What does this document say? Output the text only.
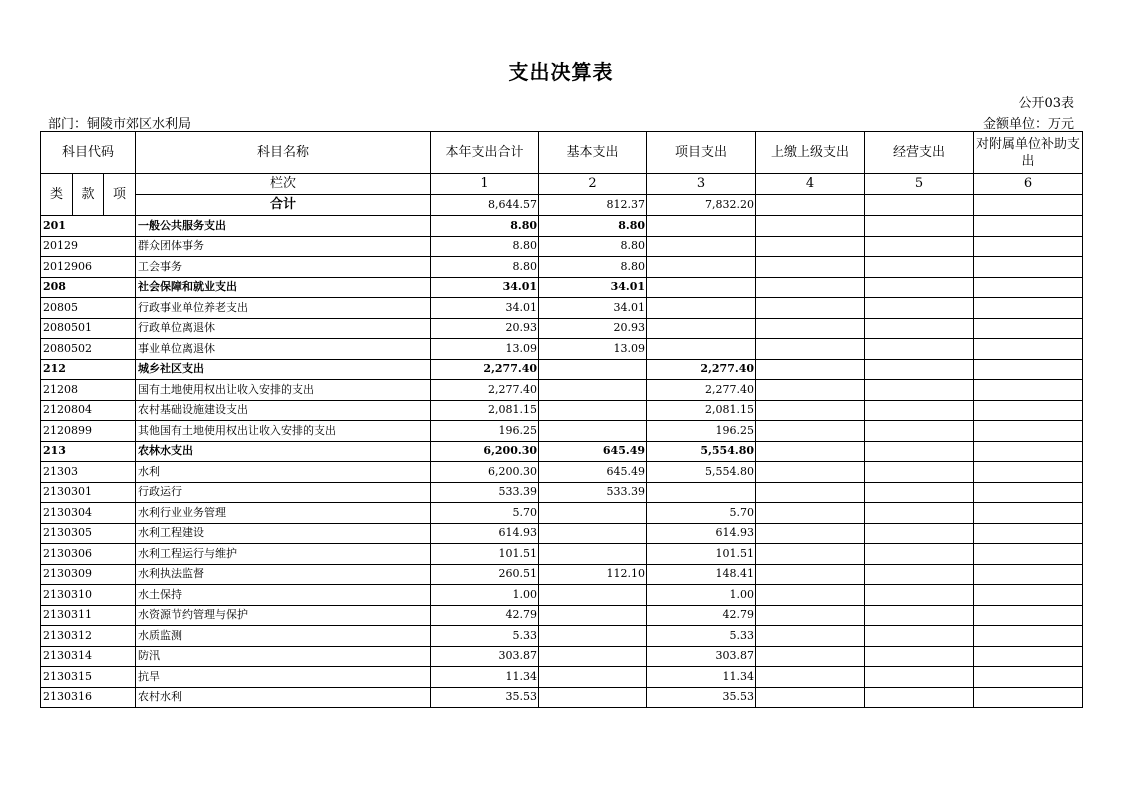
支出决算表
公开03表
部门：铜陵市郊区水利局	金额单位：万元
科目代码			科目名称	本年支出合计	基本支出	项目支出	上缴上级支出	经营支出	对附属单位补助支出
类	款	项	栏次	1	2	3	4	5	6
			合计	8,644.57	812.37	7,832.20			
201			一般公共服务支出	8.80	8.80				
20129			群众团体事务	8.80	8.80				
2012906			工会事务	8.80	8.80				
208			社会保障和就业支出	34.01	34.01				
20805			行政事业单位养老支出	34.01	34.01				
2080501			行政单位离退休	20.93	20.93				
2080502			事业单位离退休	13.09	13.09				
212			城乡社区支出	2,277.40		2,277.40			
21208			国有土地使用权出让收入安排的支出	2,277.40		2,277.40			
2120804			农村基础设施建设支出	2,081.15		2,081.15			
2120899			其他国有土地使用权出让收入安排的支出	196.25		196.25			
213			农林水支出	6,200.30	645.49	5,554.80			
21303			水利	6,200.30	645.49	5,554.80			
2130301			行政运行	533.39	533.39				
2130304			水利行业业务管理	5.70		5.70			
2130305			水利工程建设	614.93		614.93			
2130306			水利工程运行与维护	101.51		101.51			
2130309			水利执法监督	260.51	112.10	148.41			
2130310			水土保持	1.00		1.00			
2130311			水资源节约管理与保护	42.79		42.79			
2130312			水质监测	5.33		5.33			
2130314			防汛	303.87		303.87			
2130315			抗旱	11.34		11.34			
2130316			农村水利	35.53		35.53			
